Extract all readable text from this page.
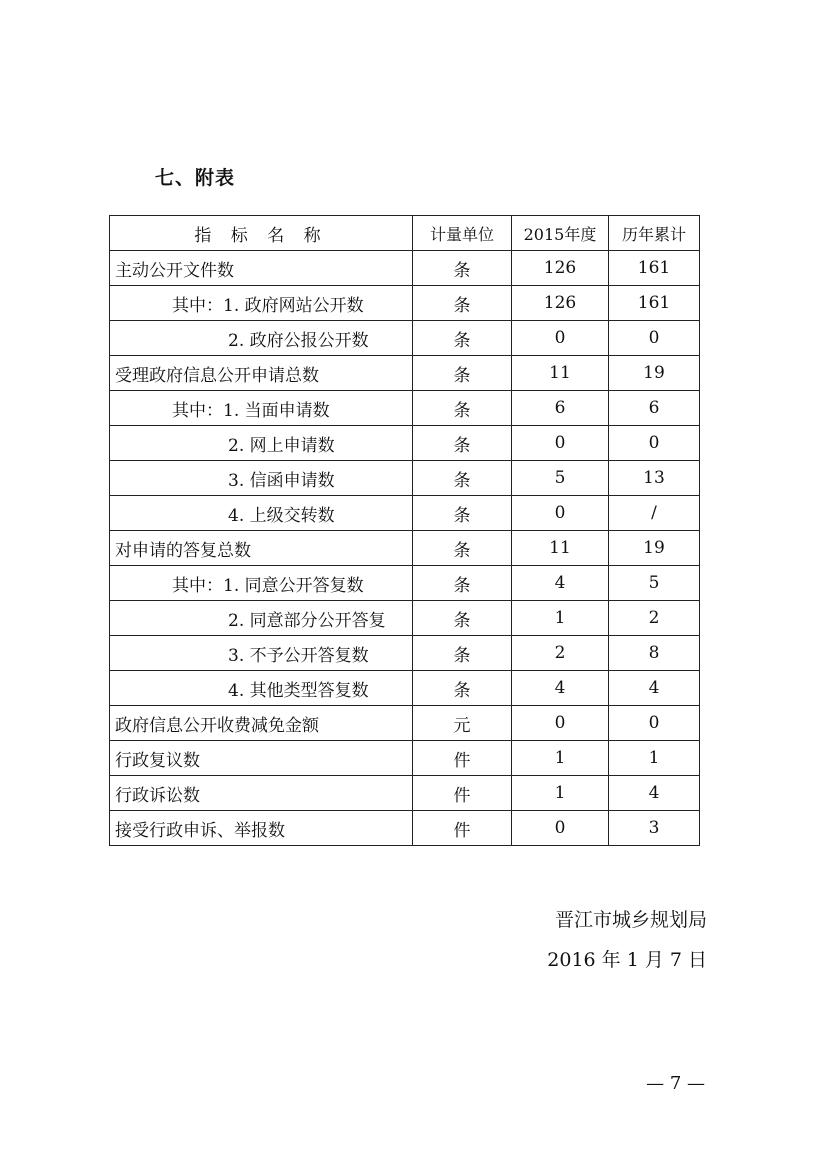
七、附表
指 标 名 称	计量单位	2015年度	历年累计
主动公开文件数	条	126	161
其中：1. 政府网站公开数	条	126	161
2. 政府公报公开数	条	0	0
受理政府信息公开申请总数	条	11	19
其中：1. 当面申请数	条	6	6
2. 网上申请数	条	0	0
3. 信函申请数	条	5	13
4. 上级交转数	条	0	/
对申请的答复总数	条	11	19
其中：1. 同意公开答复数	条	4	5
2. 同意部分公开答复	条	1	2
3. 不予公开答复数	条	2	8
4. 其他类型答复数	条	4	4
政府信息公开收费减免金额	元	0	0
行政复议数	件	1	1
行政诉讼数	件	1	4
接受行政申诉、举报数	件	0	3
晋江市城乡规划局
2016 年 1 月 7 日
— 7 —
